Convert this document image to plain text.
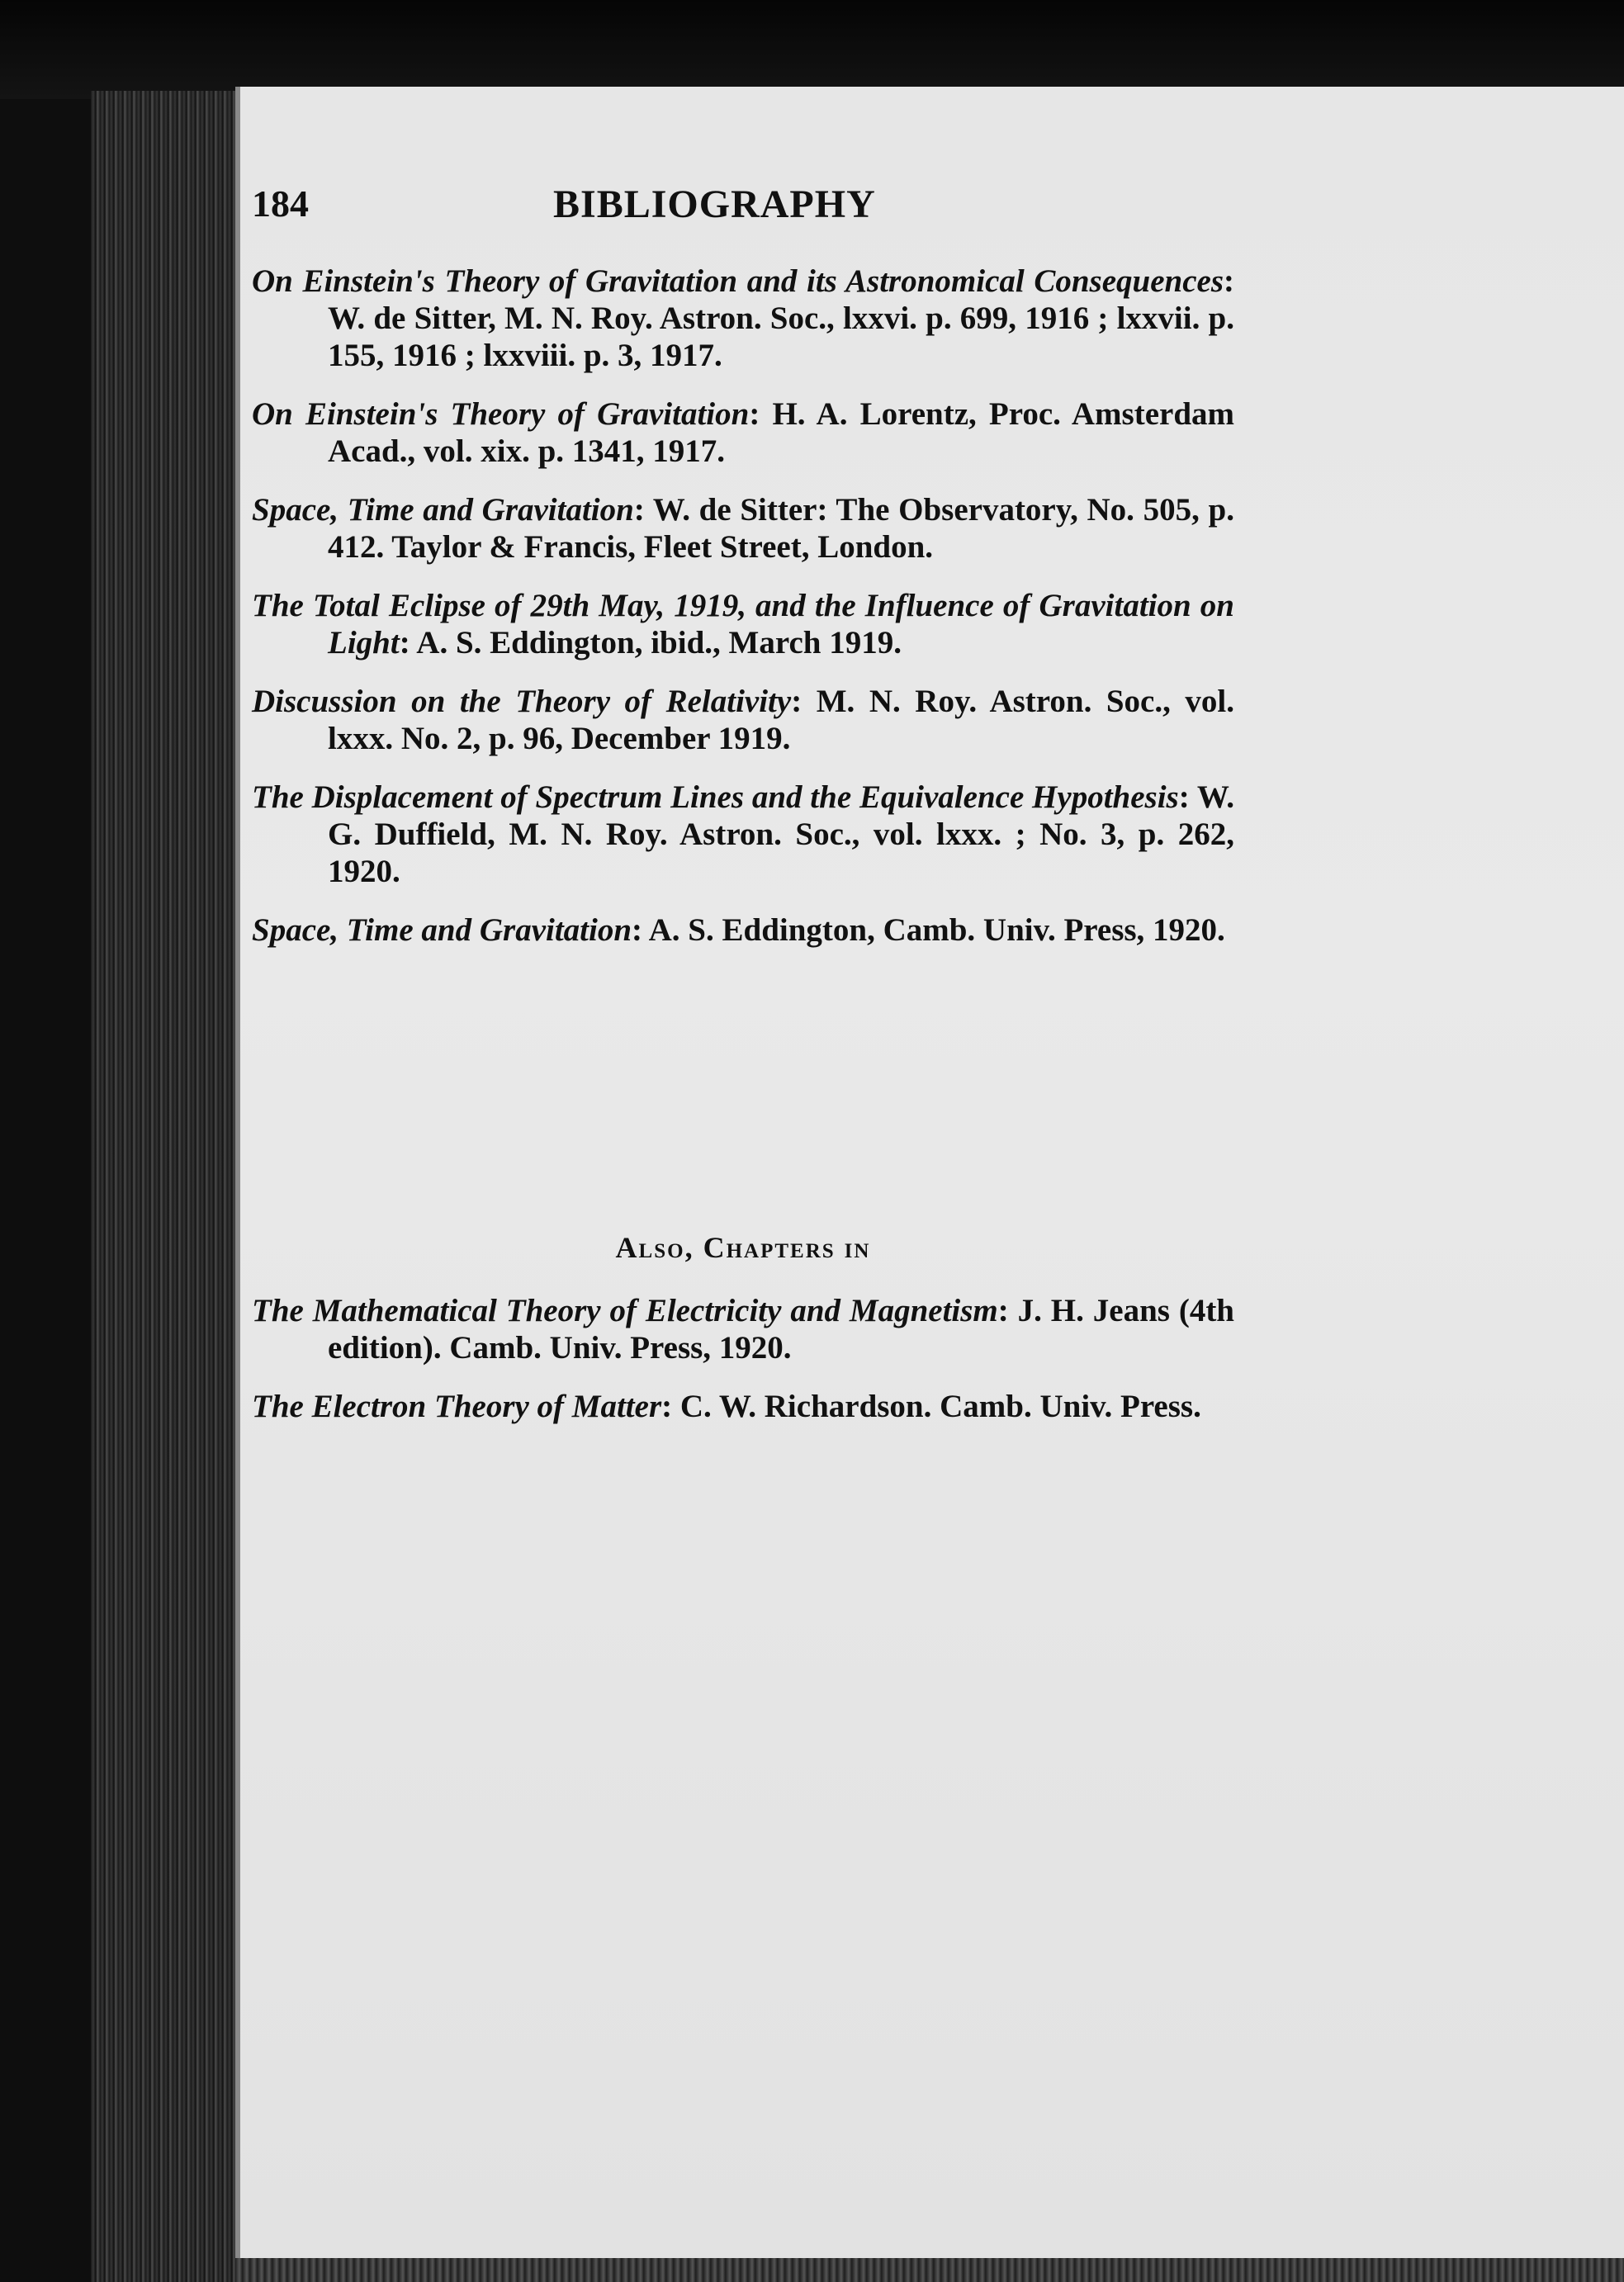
184	BIBLIOGRAPHY
On Einstein's Theory of Gravitation and its Astronomical Consequences: W. de Sitter, M. N. Roy. Astron. Soc., lxxvi. p. 699, 1916 ; lxxvii. p. 155, 1916 ; lxxviii. p. 3, 1917.
On Einstein's Theory of Gravitation: H. A. Lorentz, Proc. Amsterdam Acad., vol. xix. p. 1341, 1917.
Space, Time and Gravitation: W. de Sitter: The Observatory, No. 505, p. 412. Taylor & Francis, Fleet Street, London.
The Total Eclipse of 29th May, 1919, and the Influence of Gravitation on Light: A. S. Eddington, ibid., March 1919.
Discussion on the Theory of Relativity: M. N. Roy. Astron. Soc., vol. lxxx. No. 2, p. 96, December 1919.
The Displacement of Spectrum Lines and the Equivalence Hypothesis: W. G. Duffield, M. N. Roy. Astron. Soc., vol. lxxx. ; No. 3, p. 262, 1920.
Space, Time and Gravitation: A. S. Eddington, Camb. Univ. Press, 1920.
Also, Chapters in
The Mathematical Theory of Electricity and Magnetism: J. H. Jeans (4th edition). Camb. Univ. Press, 1920.
The Electron Theory of Matter: C. W. Richardson. Camb. Univ. Press.
